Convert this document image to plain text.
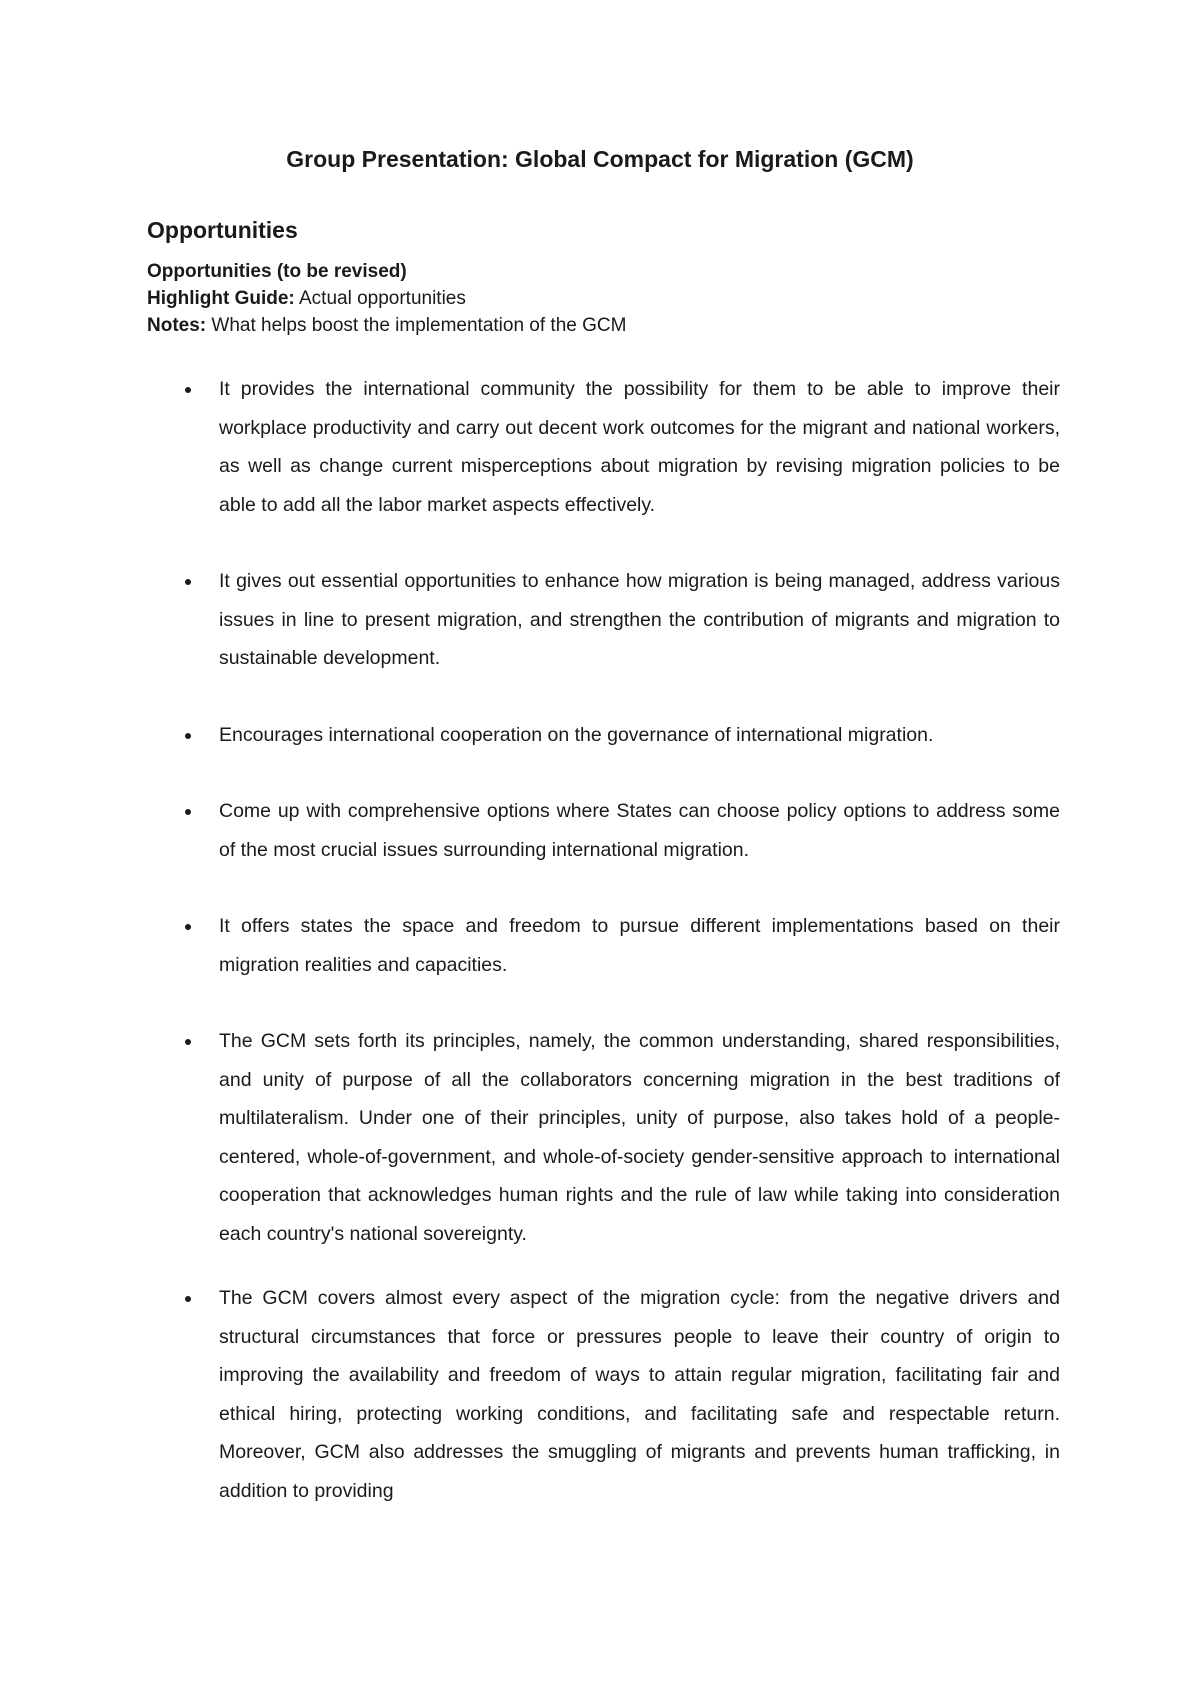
Group Presentation: Global Compact for Migration (GCM)
Opportunities
Opportunities (to be revised)
Highlight Guide: Actual opportunities
Notes: What helps boost the implementation of the GCM
It provides the international community the possibility for them to be able to improve their workplace productivity and carry out decent work outcomes for the migrant and national workers, as well as change current misperceptions about migration by revising migration policies to be able to add all the labor market aspects effectively.
It gives out essential opportunities to enhance how migration is being managed, address various issues in line to present migration, and strengthen the contribution of migrants and migration to sustainable development.
Encourages international cooperation on the governance of international migration.
Come up with comprehensive options where States can choose policy options to address some of the most crucial issues surrounding international migration.
It offers states the space and freedom to pursue different implementations based on their migration realities and capacities.
The GCM sets forth its principles, namely, the common understanding, shared responsibilities, and unity of purpose of all the collaborators concerning migration in the best traditions of multilateralism. Under one of their principles, unity of purpose, also takes hold of a people-centered, whole-of-government, and whole-of-society gender-sensitive approach to international cooperation that acknowledges human rights and the rule of law while taking into consideration each country's national sovereignty.
The GCM covers almost every aspect of the migration cycle: from the negative drivers and structural circumstances that force or pressures people to leave their country of origin to improving the availability and freedom of ways to attain regular migration, facilitating fair and ethical hiring, protecting working conditions, and facilitating safe and respectable return. Moreover, GCM also addresses the smuggling of migrants and prevents human trafficking, in addition to providing
